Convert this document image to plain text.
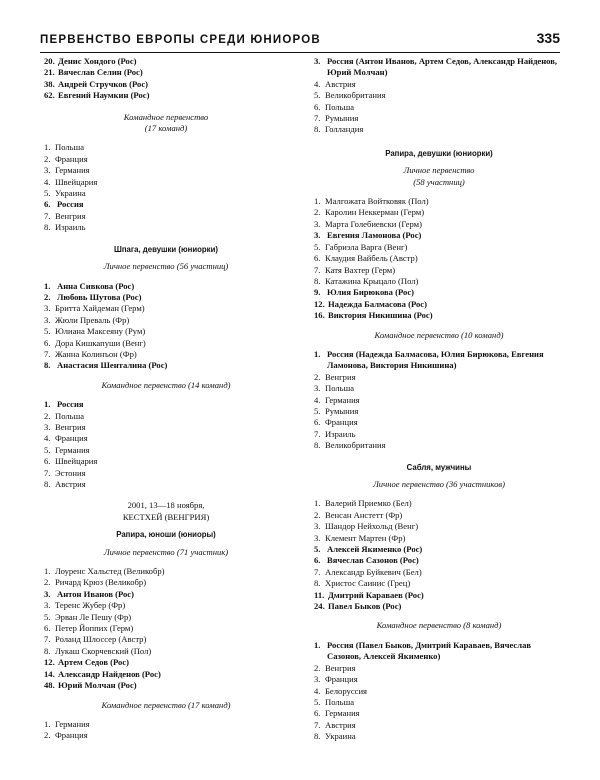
ПЕРВЕНСТВО ЕВРОПЫ СРЕДИ ЮНИОРОВ	335
20. Денис Хондого (Рос)
21. Вячеслав Селин (Рос)
38. Андрей Стручков (Рос)
62. Евгений Наумкин (Рос)
Командное первенство
(17 команд)
1. Польша
2. Франция
3. Германия
4. Швейцария
5. Украина
6. Россия
7. Венгрия
8. Израиль
Шпага, девушки (юниорки)
Личное первенство (56 участниц)
1. Анна Сивкова (Рос)
2. Любовь Шутова (Рос)
3. Бритта Хайдеман (Герм)
3. Жюли Преваль (Фр)
5. Юлиана Максеяну (Рум)
6. Дора Кишкапуши (Венг)
7. Жанна Колинъон (Фр)
8. Анастасия Шенталина (Рос)
Командное первенство (14 команд)
1. Россия
2. Польша
3. Венгрия
4. Франция
5. Германия
6. Швейцария
7. Эстония
8. Австрия
2001, 13—18 ноября,
КЕСТХЕЙ (ВЕНГРИЯ)
Рапира, юноши (юниоры)
Личное первенство (71 участник)
1. Лоуренс Хальстед (Великобр)
2. Ричард Крюз (Великобр)
3. Антон Иванов (Рос)
3. Теренс Жубер (Фр)
5. Эрван Ле Пешу (Фр)
6. Петер Йоппих (Герм)
7. Роланд Шлоссер (Австр)
8. Лукаш Скорчевский (Пол)
12. Артем Седов (Рос)
14. Александр Найденов (Рос)
48. Юрий Молчан (Рос)
Командное первенство (17 команд)
1. Германия
2. Франция
3. Россия (Антон Иванов, Артем Седов, Александр Найденов, Юрий Молчан)
4. Австрия
5. Великобритания
6. Польша
7. Румыния
8. Голландия
Рапира, девушки (юниорки)
Личное первенство
(58 участниц)
1. Малгожата Войтковяк (Пол)
2. Каролин Неккерман (Герм)
3. Марта Голебиевски (Герм)
3. Евгения Ламонова (Рос)
5. Габриэла Варга (Венг)
6. Клаудия Вайбель (Австр)
7. Катя Вахтер (Герм)
8. Катажина Крыцало (Пол)
9. Юлия Бирюкова (Рос)
12. Надежда Балмасова (Рос)
16. Виктория Никишина (Рос)
Командное первенство (10 команд)
1. Россия (Надежда Балмасова, Юлия Бирюкова, Евгения Ламонова, Виктория Никишина)
2. Венгрия
3. Польша
4. Германия
5. Румыния
6. Франция
7. Израиль
8. Великобритания
Сабля, мужчины
Личное первенство (36 участников)
1. Валерий Приемко (Бел)
2. Венсан Анстетт (Фр)
3. Шандор Нейхольд (Венг)
3. Клемент Мартен (Фр)
5. Алексей Якименко (Рос)
6. Вячеслав Сазонов (Рос)
7. Александр Буйкевич (Бел)
8. Христос Саинис (Грец)
11. Дмитрий Караваев (Рос)
24. Павел Быков (Рос)
Командное первенство (8 команд)
1. Россия (Павел Быков, Дмитрий Караваев, Вячеслав Сазонов, Алексей Якименко)
2. Венгрия
3. Франция
4. Белоруссия
5. Польша
6. Германия
7. Австрия
8. Украина
